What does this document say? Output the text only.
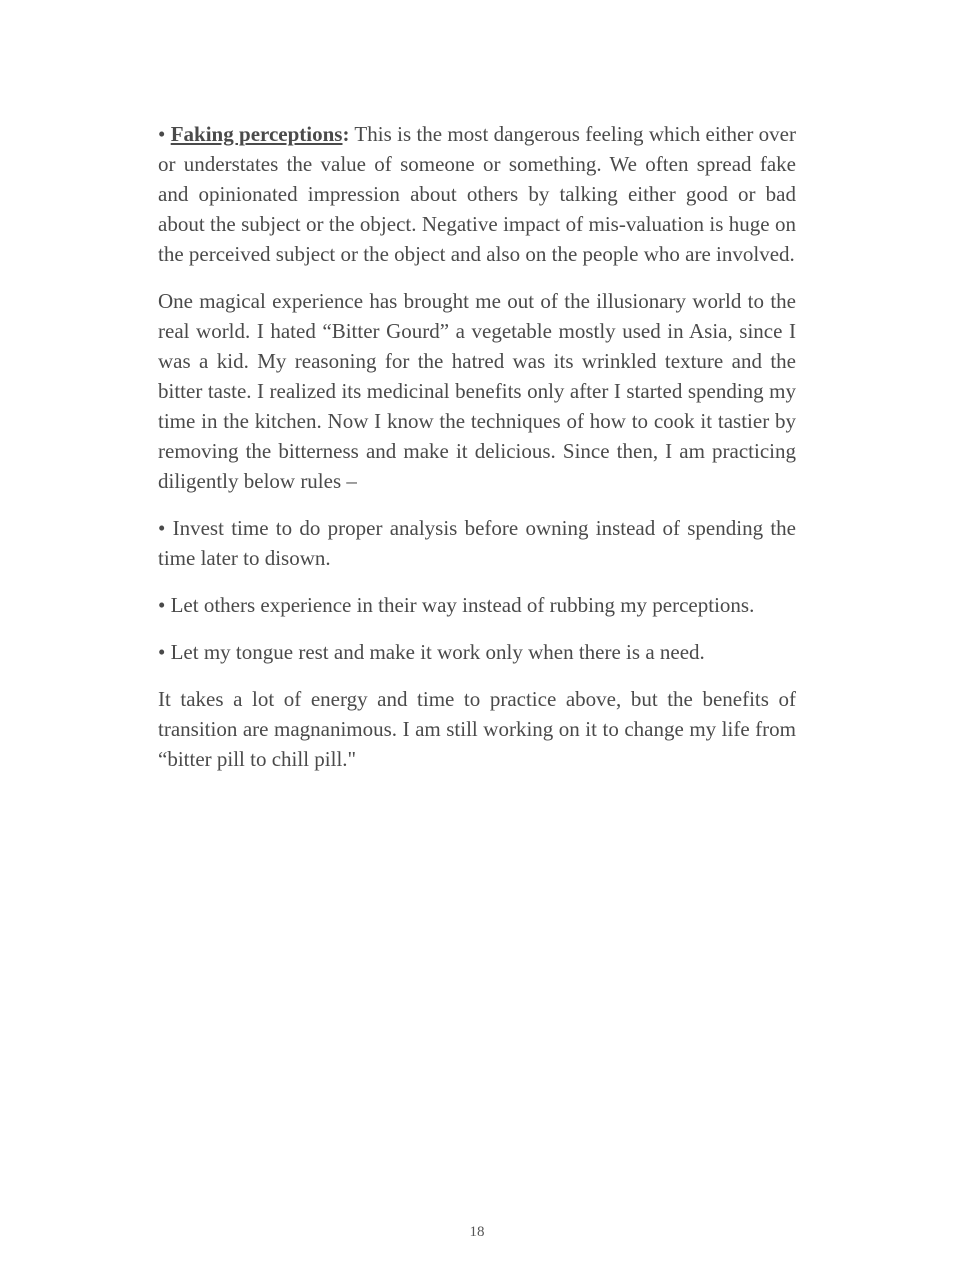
• Faking perceptions: This is the most dangerous feeling which either over or understates the value of someone or something. We often spread fake and opinionated impression about others by talking either good or bad about the subject or the object. Negative impact of mis-valuation is huge on the perceived subject or the object and also on the people who are involved.

One magical experience has brought me out of the illusionary world to the real world. I hated “Bitter Gourd” a vegetable mostly used in Asia, since I was a kid. My reasoning for the hatred was its wrinkled texture and the bitter taste. I realized its medicinal benefits only after I started spending my time in the kitchen. Now I know the techniques of how to cook it tastier by removing the bitterness and make it delicious. Since then, I am practicing diligently below rules –

• Invest time to do proper analysis before owning instead of spending the time later to disown.

• Let others experience in their way instead of rubbing my perceptions.

• Let my tongue rest and make it work only when there is a need.

It takes a lot of energy and time to practice above, but the benefits of transition are magnanimous. I am still working on it to change my life from “bitter pill to chill pill."

18
